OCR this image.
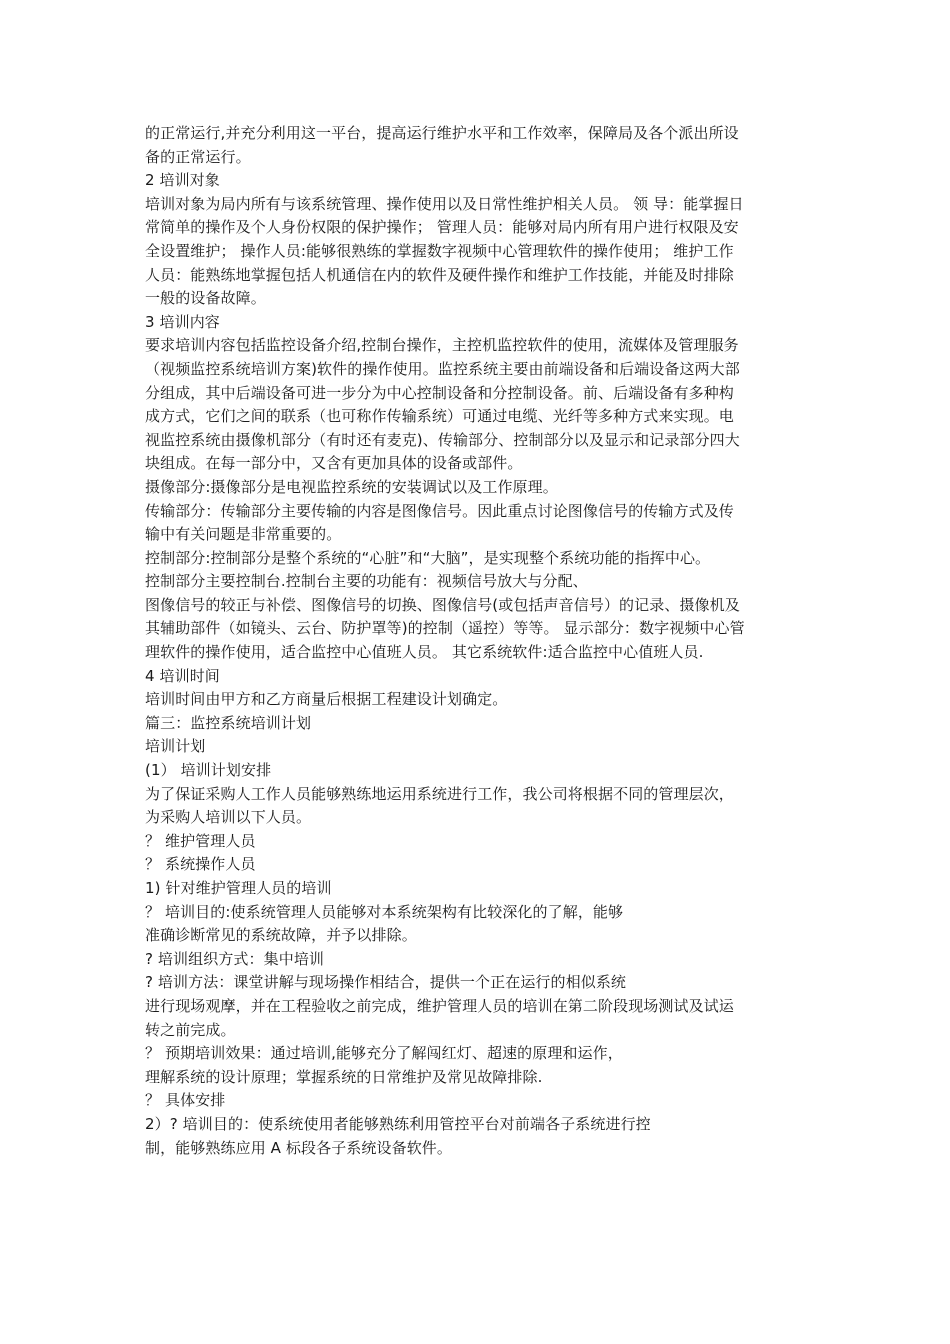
的正常运行,并充分利用这一平台，提高运行维护水平和工作效率，保障局及各个派出所设
备的正常运行。
2 培训对象
培训对象为局内所有与该系统管理、操作使用以及日常性维护相关人员。 领 导：能掌握日
常简单的操作及个人身份权限的保护操作； 管理人员：能够对局内所有用户进行权限及安
全设置维护； 操作人员:能够很熟练的掌握数字视频中心管理软件的操作使用； 维护工作
人员：能熟练地掌握包括人机通信在内的软件及硬件操作和维护工作技能，并能及时排除
一般的设备故障。
3 培训内容
要求培训内容包括监控设备介绍,控制台操作，主控机监控软件的使用，流媒体及管理服务
（视频监控系统培训方案)软件的操作使用。监控系统主要由前端设备和后端设备这两大部
分组成，其中后端设备可进一步分为中心控制设备和分控制设备。前、后端设备有多种构
成方式，它们之间的联系（也可称作传输系统）可通过电缆、光纤等多种方式来实现。电
视监控系统由摄像机部分（有时还有麦克)、传输部分、控制部分以及显示和记录部分四大
块组成。在每一部分中，又含有更加具体的设备或部件。
摄像部分:摄像部分是电视监控系统的安装调试以及工作原理。
传输部分：传输部分主要传输的内容是图像信号。因此重点讨论图像信号的传输方式及传
输中有关问题是非常重要的。
控制部分:控制部分是整个系统的“心脏”和“大脑”，是实现整个系统功能的指挥中心。
控制部分主要控制台.控制台主要的功能有：视频信号放大与分配、
图像信号的较正与补偿、图像信号的切换、图像信号(或包括声音信号）的记录、摄像机及
其辅助部件（如镜头、云台、防护罩等)的控制（遥控）等等。 显示部分：数字视频中心管
理软件的操作使用，适合监控中心值班人员。 其它系统软件:适合监控中心值班人员.
4 培训时间
培训时间由甲方和乙方商量后根据工程建设计划确定。
篇三：监控系统培训计划
培训计划
(1） 培训计划安排
为了保证采购人工作人员能够熟练地运用系统进行工作，我公司将根据不同的管理层次，
为采购人培训以下人员。
？ 维护管理人员
？ 系统操作人员
1) 针对维护管理人员的培训
？ 培训目的:使系统管理人员能够对本系统架构有比较深化的了解，能够
准确诊断常见的系统故障，并予以排除。
? 培训组织方式：集中培训
? 培训方法：课堂讲解与现场操作相结合，提供一个正在运行的相似系统
进行现场观摩，并在工程验收之前完成，维护管理人员的培训在第二阶段现场测试及试运
转之前完成。
？ 预期培训效果：通过培训,能够充分了解闯红灯、超速的原理和运作，
理解系统的设计原理；掌握系统的日常维护及常见故障排除.
？ 具体安排
2）? 培训目的：使系统使用者能够熟练利用管控平台对前端各子系统进行控
制，能够熟练应用 A 标段各子系统设备软件。
